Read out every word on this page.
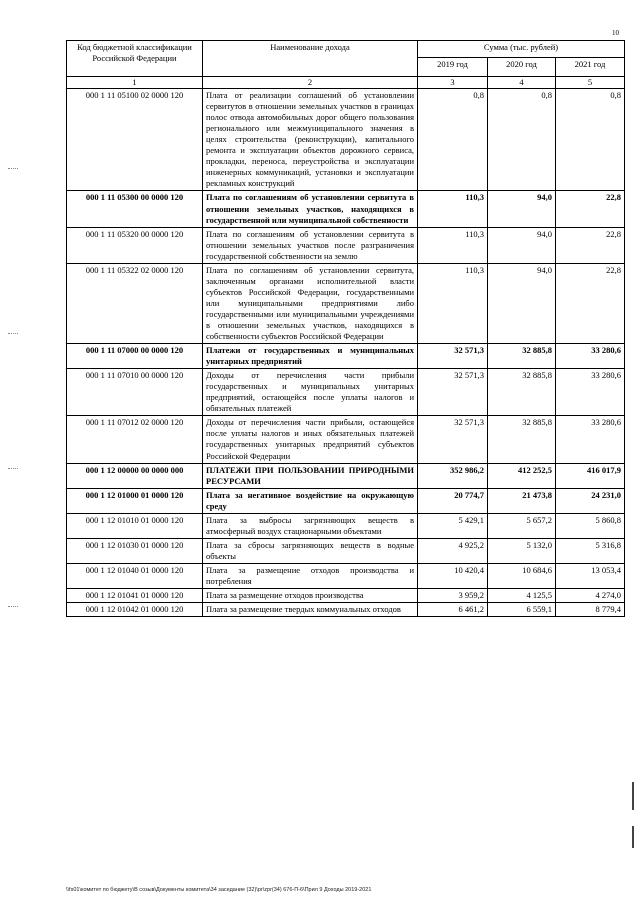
10
Код бюджетной классификации Российской Федерации	Наименование дохода	Сумма (тыс. рублей)		
		2019 год	2020 год	2021 год
1	2	3	4	5
000 1 11 05100 02 0000 120	Плата от реализации соглашений об установлении сервитутов в отношении земельных участков в границах полос отвода автомобильных дорог общего пользования регионального или межмуниципального значения в целях строительства (реконструкции), капитального ремонта и эксплуатации объектов дорожного сервиса, прокладки, переноса, переустройства и эксплуатации инженерных коммуникаций, установки и эксплуатации рекламных конструкций	0,8	0,8	0,8
000 1 11 05300 00 0000 120	Плата по соглашениям об установлении сервитута в отношении земельных участков, находящихся в государственной или муниципальной собственности	110,3	94,0	22,8
000 1 11 05320 00 0000 120	Плата по соглашениям об установлении сервитута в отношении земельных участков после разграничения государственной собственности на землю	110,3	94,0	22,8
000 1 11 05322 02 0000 120	Плата по соглашениям об установлении сервитута, заключенным органами исполнительной власти субъектов Российской Федерации, государственными или муниципальными предприятиями либо государственными или муниципальными учреждениями в отношении земельных участков, находящихся в собственности субъектов Российской Федерации	110,3	94,0	22,8
000 1 11 07000 00 0000 120	Платежи от государственных и муниципальных унитарных предприятий	32 571,3	32 885,8	33 280,6
000 1 11 07010 00 0000 120	Доходы от перечисления части прибыли государственных и муниципальных унитарных предприятий, остающейся после уплаты налогов и обязательных платежей	32 571,3	32 885,8	33 280,6
000 1 11 07012 02 0000 120	Доходы от перечисления части прибыли, остающейся после уплаты налогов и иных обязательных платежей государственных унитарных предприятий субъектов Российской Федерации	32 571,3	32 885,8	33 280,6
000 1 12 00000 00 0000 000	ПЛАТЕЖИ ПРИ ПОЛЬЗОВАНИИ ПРИРОДНЫМИ РЕСУРСАМИ	352 986,2	412 252,5	416 017,9
000 1 12 01000 01 0000 120	Плата за негативное воздействие на окружающую среду	20 774,7	21 473,8	24 231,0
000 1 12 01010 01 0000 120	Плата за выбросы загрязняющих веществ в атмосферный воздух стационарными объектами	5 429,1	5 657,2	5 860,8
000 1 12 01030 01 0000 120	Плата за сбросы загрязняющих веществ в водные объекты	4 925,2	5 132,0	5 316,8
000 1 12 01040 01 0000 120	Плата за размещение отходов производства и потребления	10 420,4	10 684,6	13 053,4
000 1 12 01041 01 0000 120	Плата за размещение отходов производства	3 959,2	4 125,5	4 274,0
000 1 12 01042 01 0000 120	Плата за размещение твердых коммунальных отходов	6 461,2	6 559,1	8 779,4
\\fs01\комитет по бюджету\В созыв\Документы комитета\34 заседание (32)\pr\zpr(34) 676-П-6\Прил 9 Доходы 2019-2021
